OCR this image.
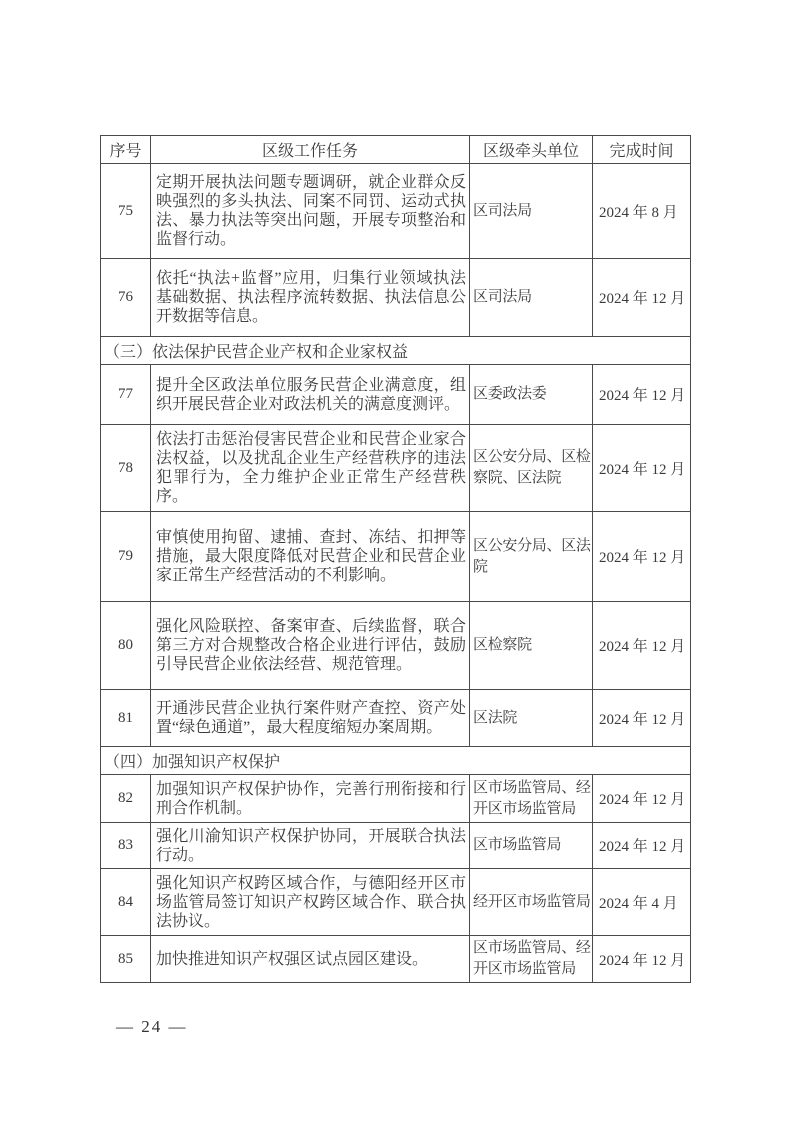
序号	区级工作任务	区级牵头单位	完成时间
75	定期开展执法问题专题调研，就企业群众反映强烈的多头执法、同案不同罚、运动式执法、暴力执法等突出问题，开展专项整治和监督行动。	区司法局	2024 年 8 月
76	依托“执法+监督”应用，归集行业领域执法基础数据、执法程序流转数据、执法信息公开数据等信息。	区司法局	2024 年 12 月
（三）依法保护民营企业产权和企业家权益			
77	提升全区政法单位服务民营企业满意度，组织开展民营企业对政法机关的满意度测评。	区委政法委	2024 年 12 月
78	依法打击惩治侵害民营企业和民营企业家合法权益，以及扰乱企业生产经营秩序的违法犯罪行为，全力维护企业正常生产经营秩序。	区公安分局、区检察院、区法院	2024 年 12 月
79	审慎使用拘留、逮捕、查封、冻结、扣押等措施，最大限度降低对民营企业和民营企业家正常生产经营活动的不利影响。	区公安分局、区法院	2024 年 12 月
80	强化风险联控、备案审查、后续监督，联合第三方对合规整改合格企业进行评估，鼓励引导民营企业依法经营、规范管理。	区检察院	2024 年 12 月
81	开通涉民营企业执行案件财产查控、资产处置“绿色通道”，最大程度缩短办案周期。	区法院	2024 年 12 月
（四）加强知识产权保护			
82	加强知识产权保护协作，完善行刑衔接和行刑合作机制。	区市场监管局、经开区市场监管局	2024 年 12 月
83	强化川渝知识产权保护协同，开展联合执法行动。	区市场监管局	2024 年 12 月
84	强化知识产权跨区域合作，与德阳经开区市场监管局签订知识产权跨区域合作、联合执法协议。	经开区市场监管局	2024 年 4 月
85	加快推进知识产权强区试点园区建设。	区市场监管局、经开区市场监管局	2024 年 12 月
— 24 —
